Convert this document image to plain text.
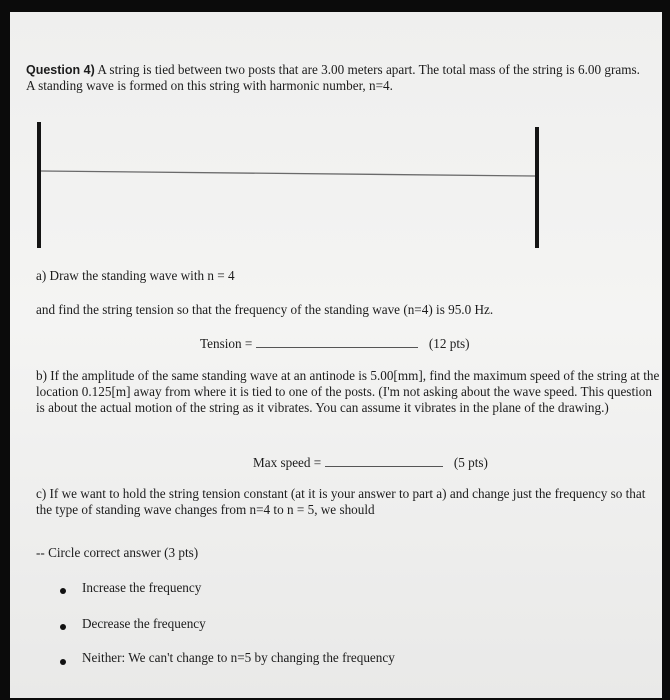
Question 4) A string is tied between two posts that are 3.00 meters apart. The total mass of the string is 6.00 grams. A standing wave is formed on this string with harmonic number, n=4.

a) Draw the standing wave with n = 4
and find the string tension so that the frequency of the standing wave (n=4) is 95.0 Hz.
Tension =	(12 pts)

b) If the amplitude of the same standing wave at an antinode is 5.00[mm], find the maximum speed of the string at the location 0.125[m] away from where it is tied to one of the posts. (I'm not asking about the wave speed. This question is about the actual motion of the string as it vibrates. You can assume it vibrates in the plane of the drawing.)

Max speed =	(5 pts)

c) If we want to hold the string tension constant (at it is your answer to part a) and change just the frequency so that the type of standing wave changes from n=4 to n = 5, we should

-- Circle correct answer (3 pts)
Increase the frequency
Decrease the frequency
Neither: We can't change to n=5 by changing the frequency
